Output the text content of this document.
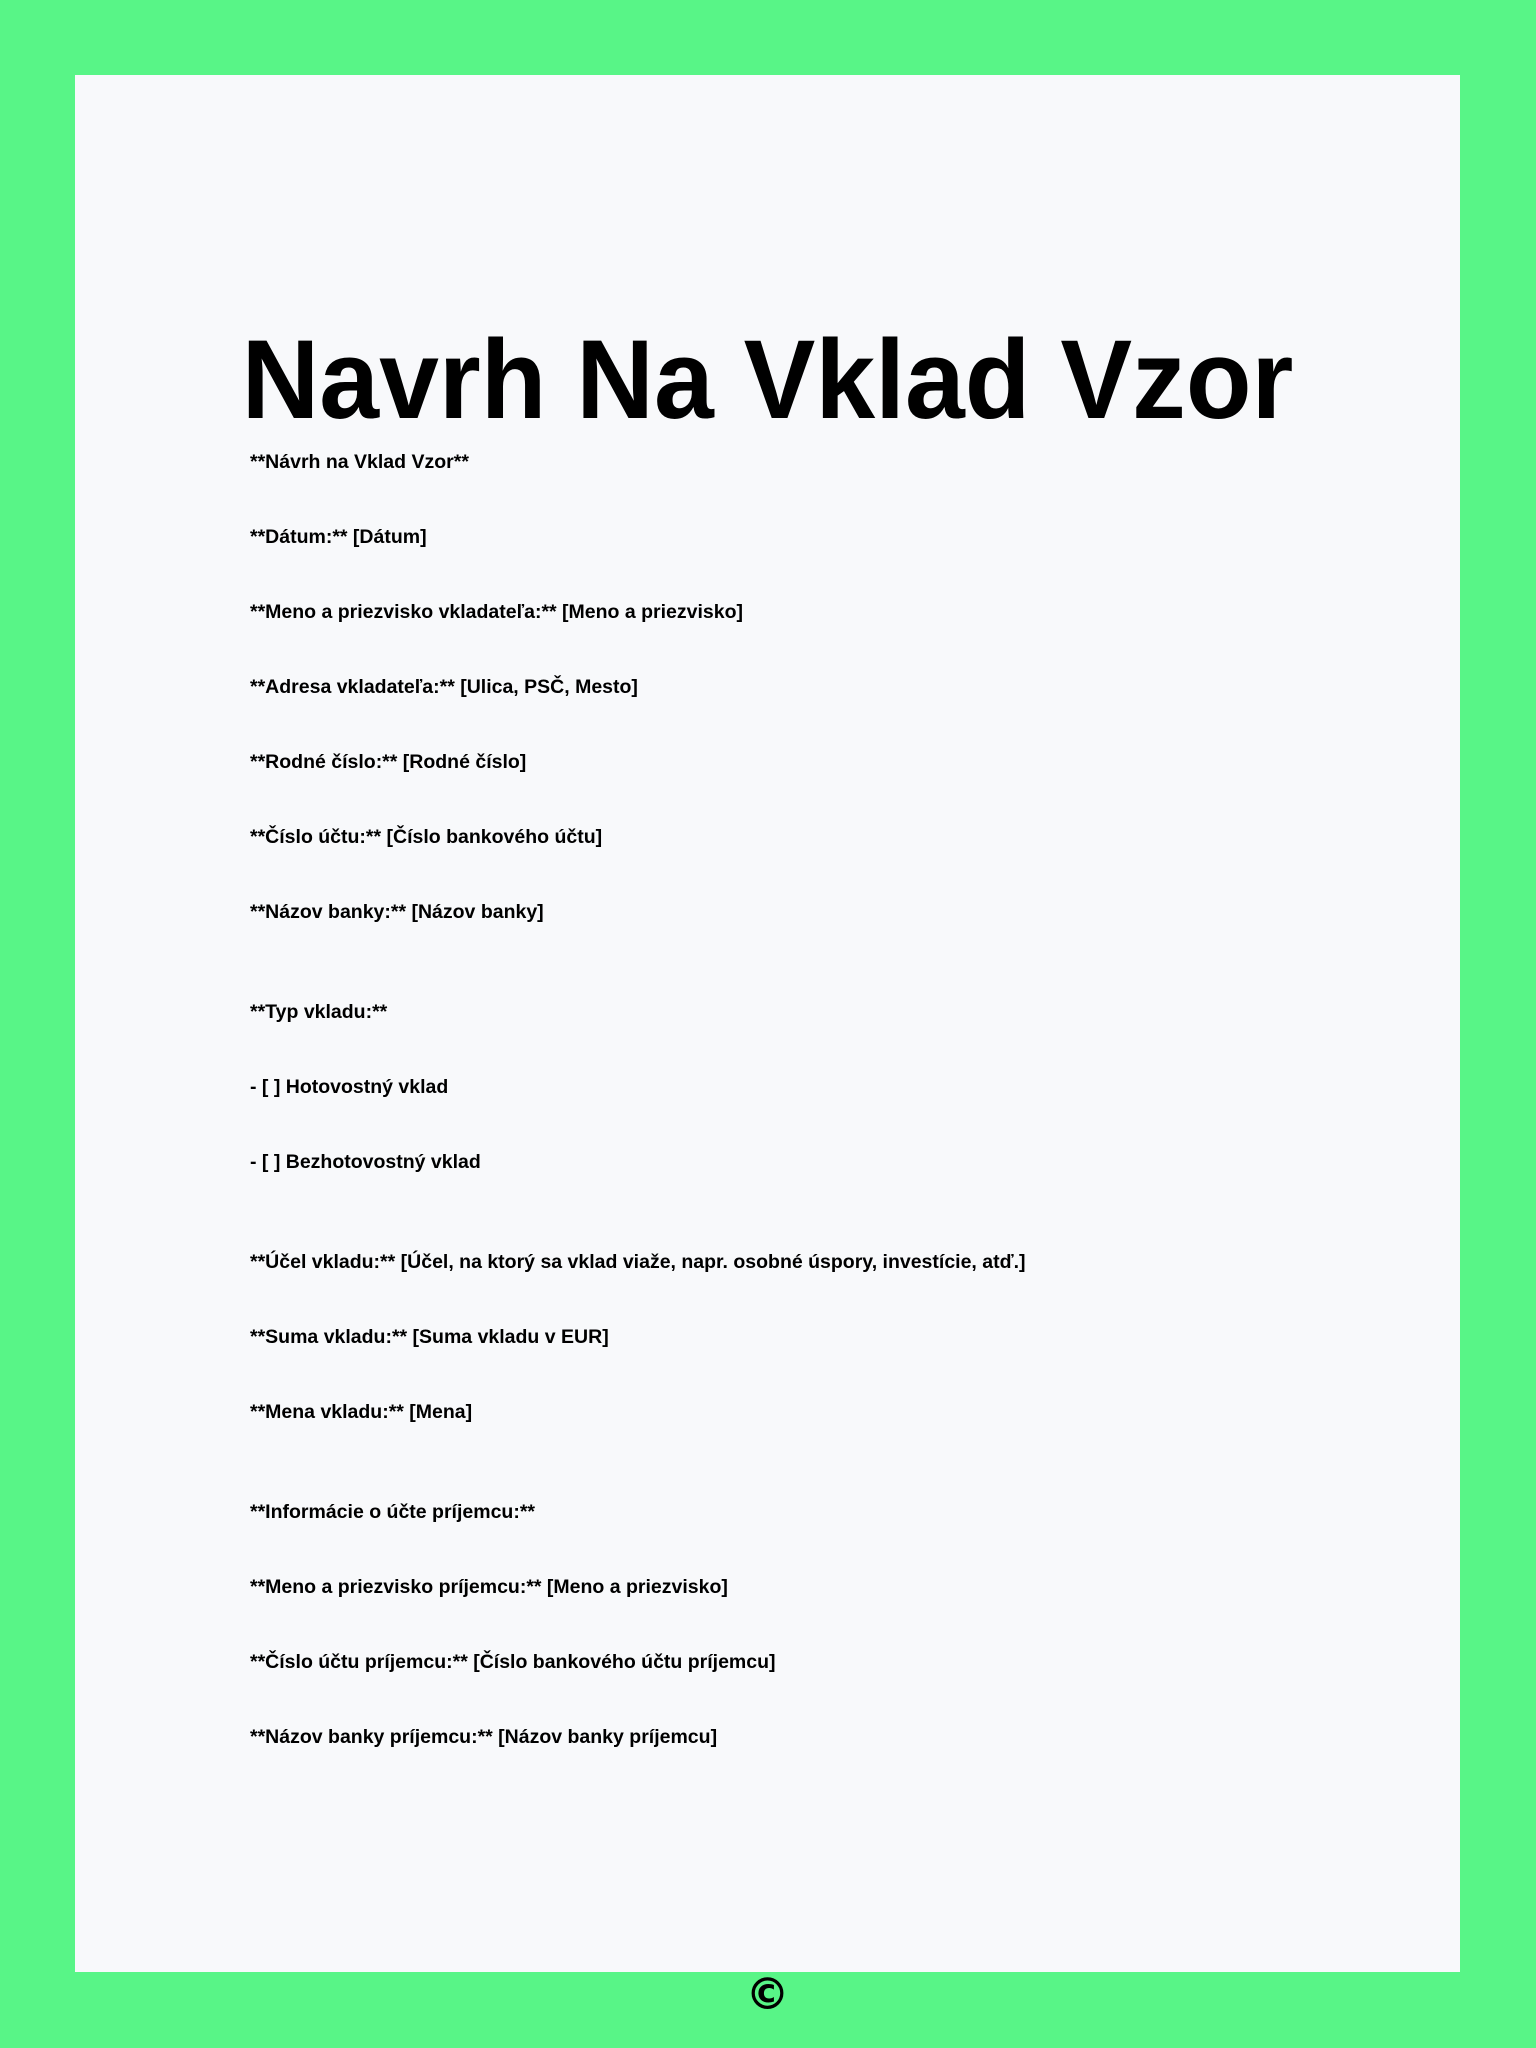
Navrh Na Vklad Vzor

**Návrh na Vklad Vzor**

**Dátum:** [Dátum]

**Meno a priezvisko vkladateľa:** [Meno a priezvisko]

**Adresa vkladateľa:** [Ulica, PSČ, Mesto]

**Rodné číslo:** [Rodné číslo]

**Číslo účtu:** [Číslo bankového účtu]

**Názov banky:** [Názov banky]

**Typ vkladu:**

- [ ] Hotovostný vklad

- [ ] Bezhotovostný vklad

**Účel vkladu:** [Účel, na ktorý sa vklad viaže, napr. osobné úspory, investície, atď.]

**Suma vkladu:** [Suma vkladu v EUR]

**Mena vkladu:** [Mena]

**Informácie o účte príjemcu:**

**Meno a priezvisko príjemcu:** [Meno a priezvisko]

**Číslo účtu príjemcu:** [Číslo bankového účtu príjemcu]

**Názov banky príjemcu:** [Názov banky príjemcu]

©
